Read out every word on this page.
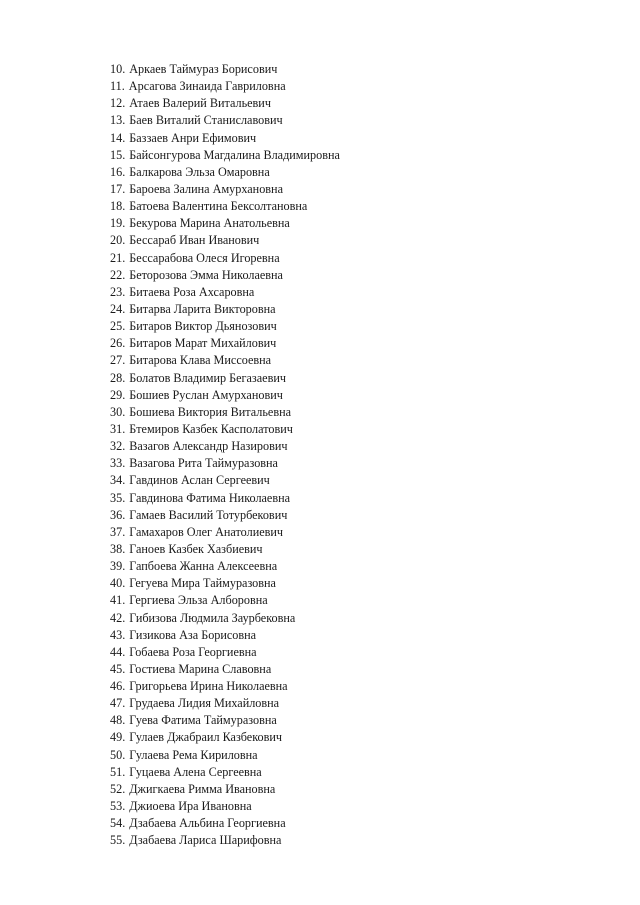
10. Аркаев Таймураз Борисович
11. Арсагова Зинаида Гавриловна
12. Атаев Валерий Витальевич
13. Баев Виталий Станиславович
14. Баззаев Анри Ефимович
15. Байсонгурова Магдалина Владимировна
16. Балкарова Эльза Омаровна
17. Бароева Залина Амурхановна
18. Батоева Валентина Бексолтановна
19. Бекурова Марина Анатольевна
20. Бессараб Иван Иванович
21. Бессарабова Олеся Игоревна
22. Беторозова Эмма Николаевна
23. Битаева Роза Ахсаровна
24. Битарва Ларита Викторовна
25. Битаров Виктор Дьянозович
26. Битаров Марат Михайлович
27. Битарова Клава Миссоевна
28. Болатов Владимир Бегазаевич
29. Бошиев Руслан Амурханович
30. Бошиева Виктория Витальевна
31. Бтемиров Казбек Касполатович
32. Вазагов Александр Назирович
33. Вазагова Рита Таймуразовна
34. Гавдинов Аслан Сергеевич
35. Гавдинова Фатима Николаевна
36. Гамаев Василий Тотурбекович
37. Гамахаров Олег Анатолиевич
38. Ганоев Казбек Хазбиевич
39. Гапбоева Жанна Алексеевна
40. Гегуева Мира Таймуразовна
41. Гергиева Эльза Алборовна
42. Гибизова Людмила Заурбековна
43. Гизикова Аза Борисовна
44. Гобаева Роза Георгиевна
45. Гостиева Марина Славовна
46. Григорьева Ирина Николаевна
47. Грудаева Лидия Михайловна
48. Гуева Фатима Таймуразовна
49. Гулаев Джабраил Казбекович
50. Гулаева Рема Кириловна
51. Гуцаева Алена Сергеевна
52. Джигкаева Римма Ивановна
53. Джиоева Ира Ивановна
54. Дзабаева Альбина Георгиевна
55. Дзабаева Лариса Шарифовна
